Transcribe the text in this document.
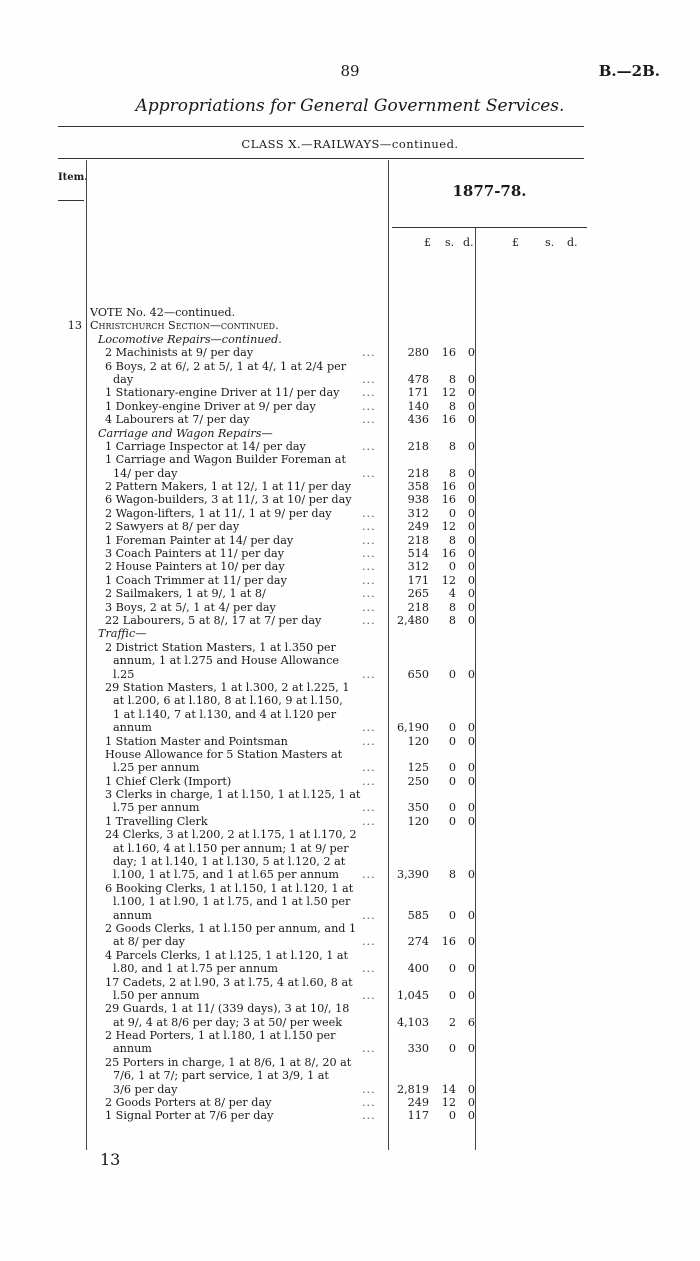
89	B.—2B.
Appropriations for General Government Services.
CLASS X.—RAILWAYS—continued.
Item.
1877-78.
£ s. d.	£ s. d.
VOTE No. 42—continued.
13 Christchurch Section—continued.
Locomotive Repairs—continued.
2 Machinists at 9/ per day	...	280	16	0
6 Boys, 2 at 6/, 2 at 5/, 1 at 4/, 1 at 2/4 per
day	...	478	8	0
1 Stationary-engine Driver at 11/ per day	...	171	12	0
1 Donkey-engine Driver at 9/ per day	...	140	8	0
4 Labourers at 7/ per day	...	436	16	0
Carriage and Wagon Repairs—
1 Carriage Inspector at 14/ per day	...	218	8	0
1 Carriage and Wagon Builder Foreman at
14/ per day	...	218	8	0
2 Pattern Makers, 1 at 12/, 1 at 11/ per day	358	16	0
6 Wagon-builders, 3 at 11/, 3 at 10/ per day	938	16	0
2 Wagon-lifters, 1 at 11/, 1 at 9/ per day	...	312	0	0
2 Sawyers at 8/ per day	...	249	12	0
1 Foreman Painter at 14/ per day	...	218	8	0
3 Coach Painters at 11/ per day	...	514	16	0
2 House Painters at 10/ per day	...	312	0	0
1 Coach Trimmer at 11/ per day	...	171	12	0
2 Sailmakers, 1 at 9/, 1 at 8/	...	265	4	0
3 Boys, 2 at 5/, 1 at 4/ per day	...	218	8	0
22 Labourers, 5 at 8/, 17 at 7/ per day	... 2,480	8	0
Traffic—
2 District Station Masters, 1 at l.350 per
annum, 1 at l.275 and House Allowance
l.25	...	650	0	0
29 Station Masters, 1 at l.300, 2 at l.225, 1
at l.200, 6 at l.180, 8 at l.160, 9 at l.150,
1 at l.140, 7 at l.130, and 4 at l.120 per
annum	... 6,190	0	0
1 Station Master and Pointsman	...	120	0	0
House Allowance for 5 Station Masters at
l.25 per annum	...	125	0	0
1 Chief Clerk (Import)	...	250	0	0
3 Clerks in charge, 1 at l.150, 1 at l.125, 1 at
l.75 per annum	...	350	0	0
1 Travelling Clerk	...	120	0	0
24 Clerks, 3 at l.200, 2 at l.175, 1 at l.170, 2
at l.160, 4 at l.150 per annum; 1 at 9/ per
day; 1 at l.140, 1 at l.130, 5 at l.120, 2 at
l.100, 1 at l.75, and 1 at l.65 per annum	... 3,390	8	0
6 Booking Clerks, 1 at l.150, 1 at l.120, 1 at
l.100, 1 at l.90, 1 at l.75, and 1 at l.50 per
annum	...	585	0	0
2 Goods Clerks, 1 at l.150 per annum, and 1
at 8/ per day	...	274	16	0
4 Parcels Clerks, 1 at l.125, 1 at l.120, 1 at
l.80, and 1 at l.75 per annum	...	400	0	0
17 Cadets, 2 at l.90, 3 at l.75, 4 at l.60, 8 at
l.50 per annum	... 1,045	0	0
29 Guards, 1 at 11/ (339 days), 3 at 10/, 18
at 9/, 4 at 8/6 per day; 3 at 50/ per week	4,103	2	6
2 Head Porters, 1 at l.180, 1 at l.150 per
annum	...	330	0	0
25 Porters in charge, 1 at 8/6, 1 at 8/, 20 at
7/6, 1 at 7/; part service, 1 at 3/9, 1 at
3/6 per day	... 2,819	14	0
2 Goods Porters at 8/ per day	...	249	12	0
1 Signal Porter at 7/6 per day	...	117	0	0
13
